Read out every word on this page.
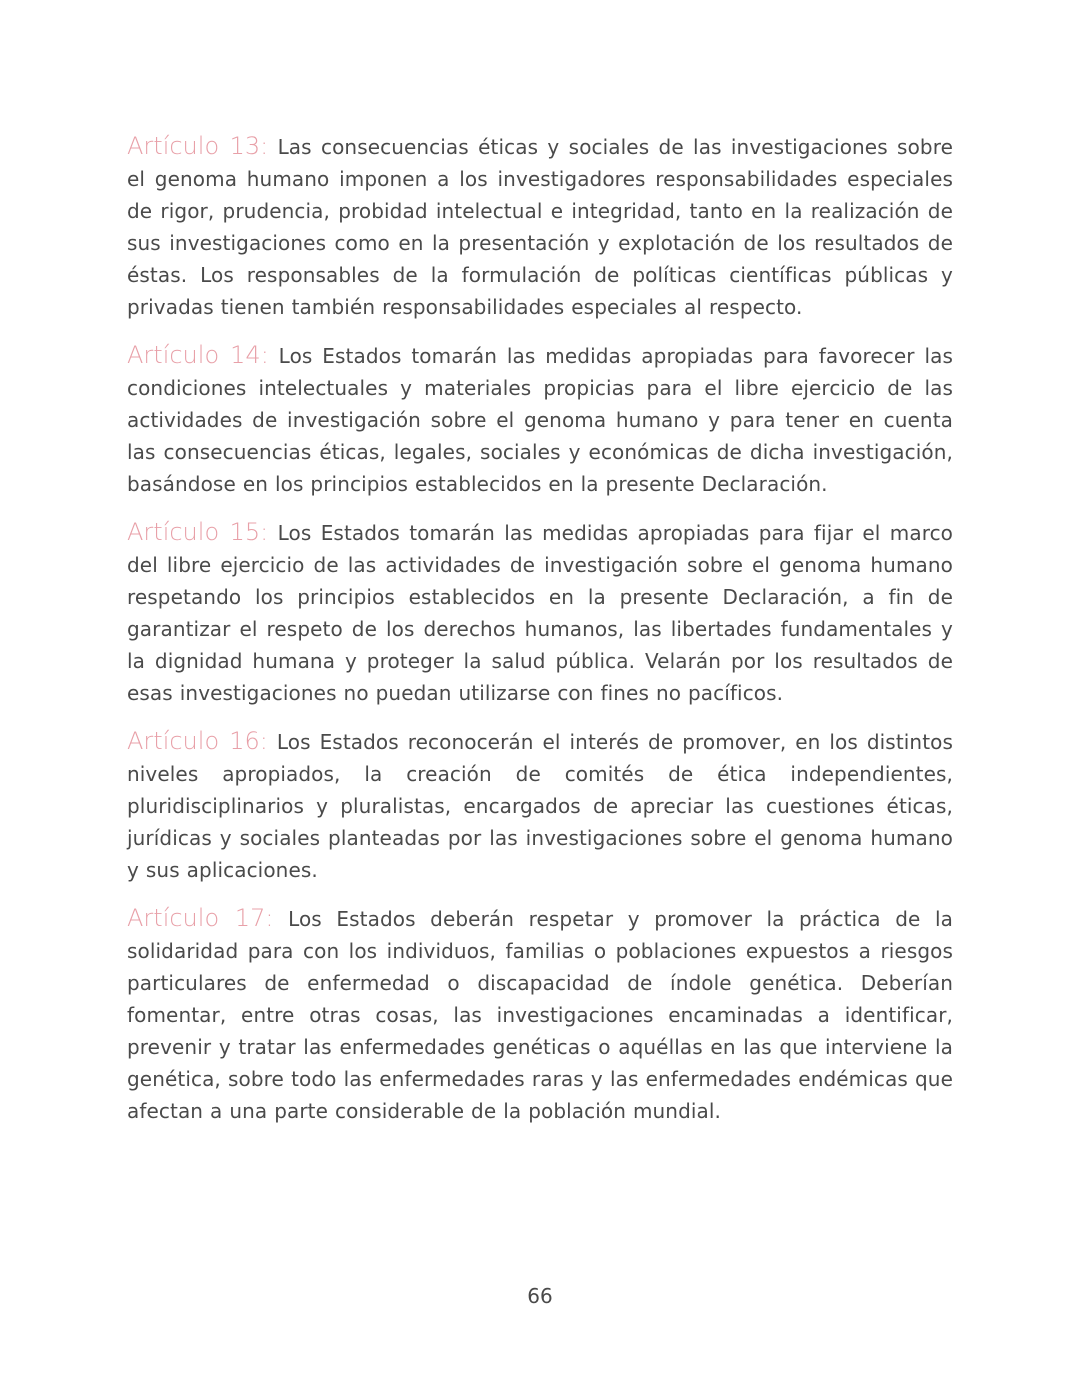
Artículo 13: Las consecuencias éticas y sociales de las investigaciones sobre el genoma humano imponen a los investigadores responsabilidades especiales de rigor, prudencia, probidad intelectual e integridad, tanto en la realización de sus investigaciones como en la presentación y explotación de los resultados de éstas. Los responsables de la formulación de políticas científicas públicas y privadas tienen también responsabilidades especiales al respecto.

Artículo 14: Los Estados tomarán las medidas apropiadas para favorecer las condiciones intelectuales y materiales propicias para el libre ejercicio de las actividades de investigación sobre el genoma humano y para tener en cuenta las consecuencias éticas, legales, sociales y económicas de dicha investigación, basándose en los principios establecidos en la presente Declaración.

Artículo 15: Los Estados tomarán las medidas apropiadas para fijar el marco del libre ejercicio de las actividades de investigación sobre el genoma humano respetando los principios establecidos en la presente Declaración, a fin de garantizar el respeto de los derechos humanos, las libertades fundamentales y la dignidad humana y proteger la salud pública. Velarán por los resultados de esas investigaciones no puedan utilizarse con fines no pacíficos.

Artículo 16: Los Estados reconocerán el interés de promover, en los distintos niveles apropiados, la creación de comités de ética independientes, pluridisciplinarios y pluralistas, encargados de apreciar las cuestiones éticas, jurídicas y sociales planteadas por las investigaciones sobre el genoma humano y sus aplicaciones.

Artículo 17: Los Estados deberán respetar y promover la práctica de la solidaridad para con los individuos, familias o poblaciones expuestos a riesgos particulares de enfermedad o discapacidad de índole genética. Deberían fomentar, entre otras cosas, las investigaciones encaminadas a identificar, prevenir y tratar las enfermedades genéticas o aquéllas en las que interviene la genética, sobre todo las enfermedades raras y las enfermedades endémicas que afectan a una parte considerable de la población mundial.

66
